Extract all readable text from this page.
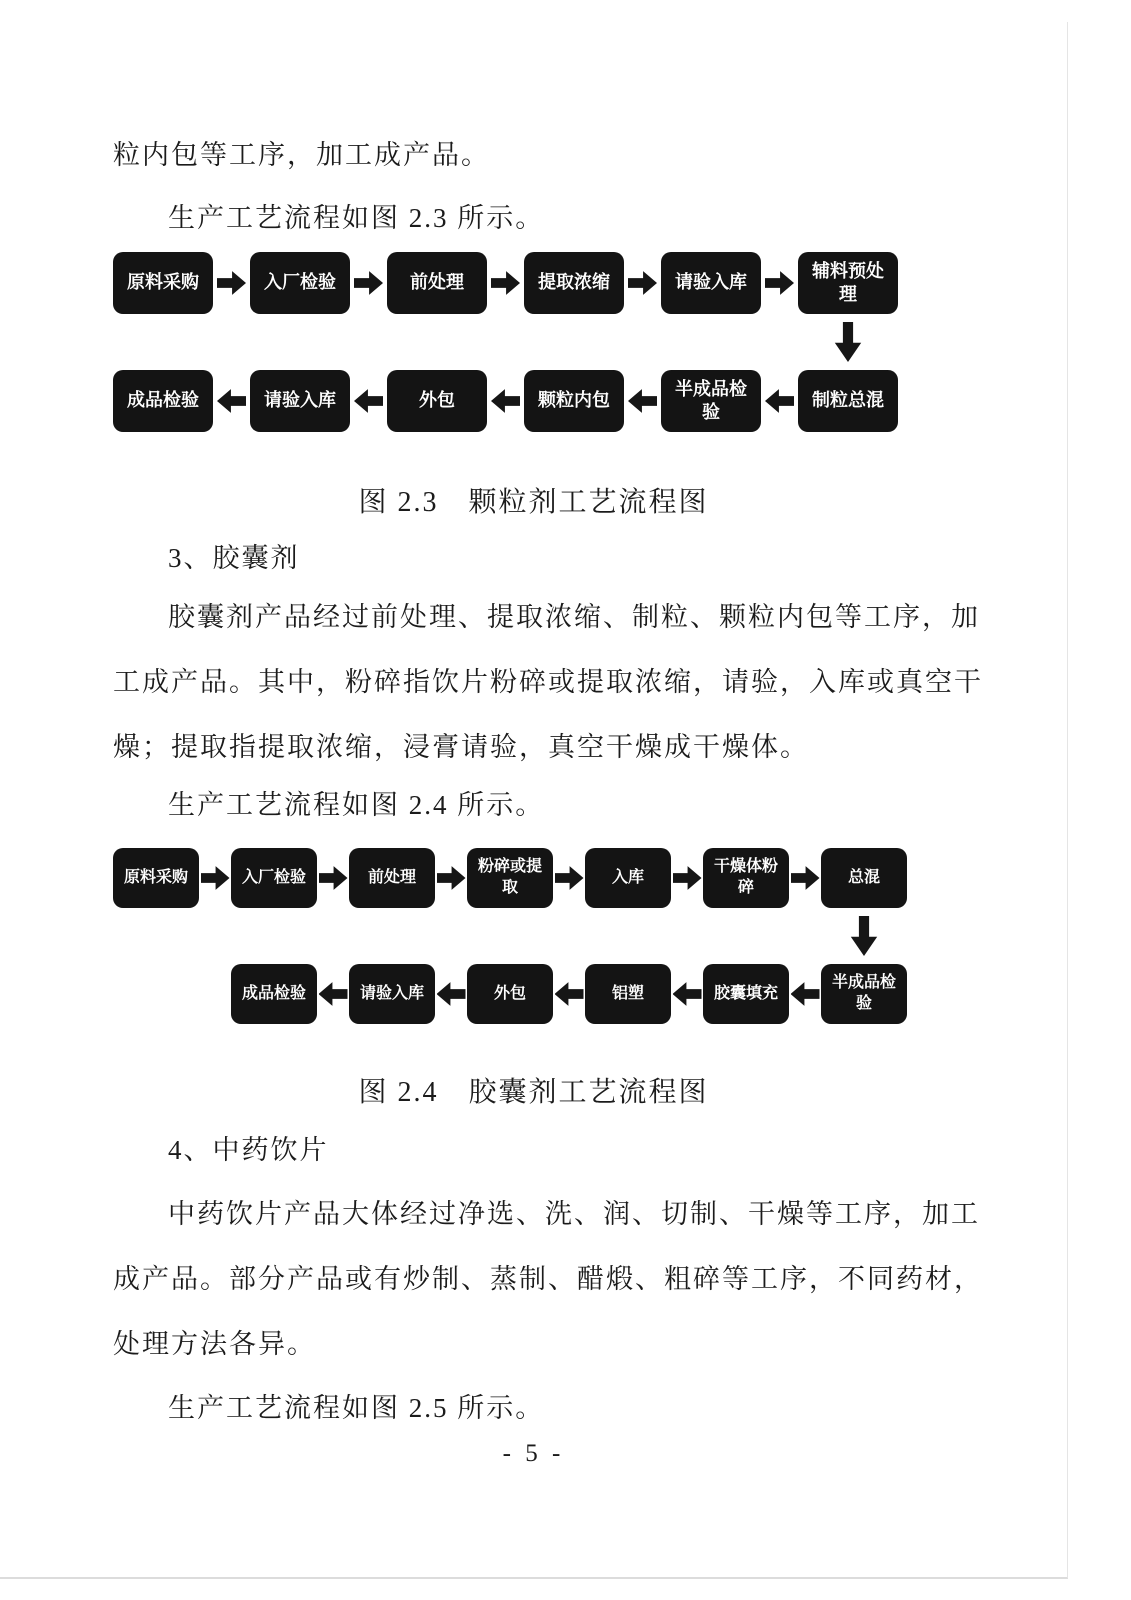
粒内包等工序，加工成产品。
生产工艺流程如图 2.3 所示。
原料采购	入厂检验	前处理	提取浓缩	请验入库
辅料预处理
成品检验	请验入库	外包	颗粒内包
半成品检验
制粒总混
图 2.3　颗粒剂工艺流程图
3、胶囊剂
胶囊剂产品经过前处理、提取浓缩、制粒、颗粒内包等工序，加
工成产品。其中，粉碎指饮片粉碎或提取浓缩，请验，入库或真空干
燥；提取指提取浓缩，浸膏请验，真空干燥成干燥体。
生产工艺流程如图 2.4 所示。
原料采购	入厂检验	前处理
粉碎或提取
入库
干燥体粉碎
总混
成品检验	请验入库	外包	铝塑	胶囊填充
半成品检验
图 2.4　胶囊剂工艺流程图
4、中药饮片
中药饮片产品大体经过净选、洗、润、切制、干燥等工序，加工
成产品。部分产品或有炒制、蒸制、醋煅、粗碎等工序，不同药材，
处理方法各异。
生产工艺流程如图 2.5 所示。
- 5 -
